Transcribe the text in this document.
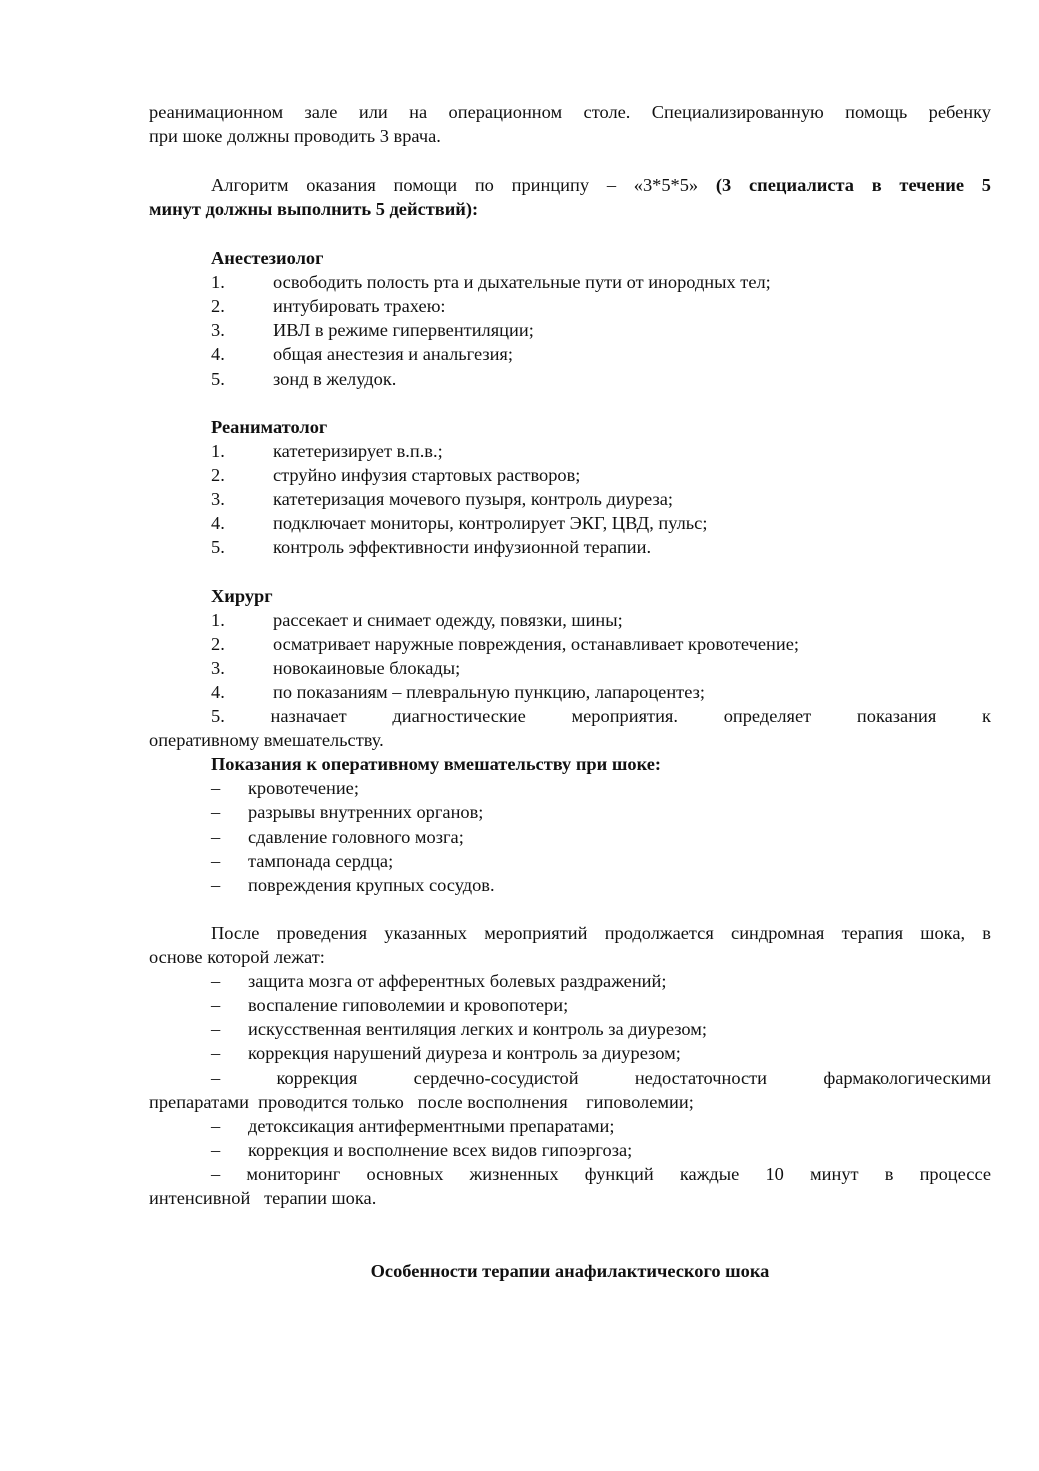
реанимационном зале или на операционном столе. Специализированную помощь ребенку
при шоке должны проводить 3 врача.
Алгоритм оказания помощи по принципу – «3*5*5» (3 специалиста в течение 5
минут должны выполнить 5 действий):
Анестезиолог
1.	освободить полость рта и дыхательные пути от инородных тел;
2.	интубировать трахею:
3.	ИВЛ в режиме гипервентиляции;
4.	общая анестезия и анальгезия;
5.	зонд в желудок.
Реаниматолог
1.	катетеризирует в.п.в.;
2.	струйно инфузия стартовых растворов;
3.	катетеризация мочевого пузыря, контроль диуреза;
4.	подключает мониторы, контролирует ЭКГ, ЦВД, пульс;
5.	контроль эффективности инфузионной терапии.
Хирург
1.	рассекает и снимает одежду, повязки, шины;
2.	осматривает наружные повреждения, останавливает кровотечение;
3.	новокаиновые блокады;
4.	по показаниям – плевральную пункцию, лапароцентез;
5. назначает диагностические мероприятия. определяет показания к
оперативному вмешательству.
Показания к оперативному вмешательству при шоке:
– кровотечение;
– разрывы внутренних органов;
– сдавление головного мозга;
– тампонада сердца;
– повреждения крупных сосудов.
После проведения указанных мероприятий продолжается синдромная терапия шока, в
основе которой лежат:
– защита мозга от афферентных болевых раздражений;
– воспаление гиповолемии и кровопотери;
– искусственная вентиляция легких и контроль за диурезом;
– коррекция нарушений диуреза и контроль за диурезом;
– коррекция сердечно-сосудистой недостаточности фармакологическими
препаратами  проводится только   после восполнения    гиповолемии;
– детоксикация антиферментными препаратами;
– коррекция и восполнение всех видов гипоэргоза;
– мониторинг основных жизненных функций каждые 10 минут в процессе
интенсивной   терапии шока.
Особенности терапии анафилактического шока
